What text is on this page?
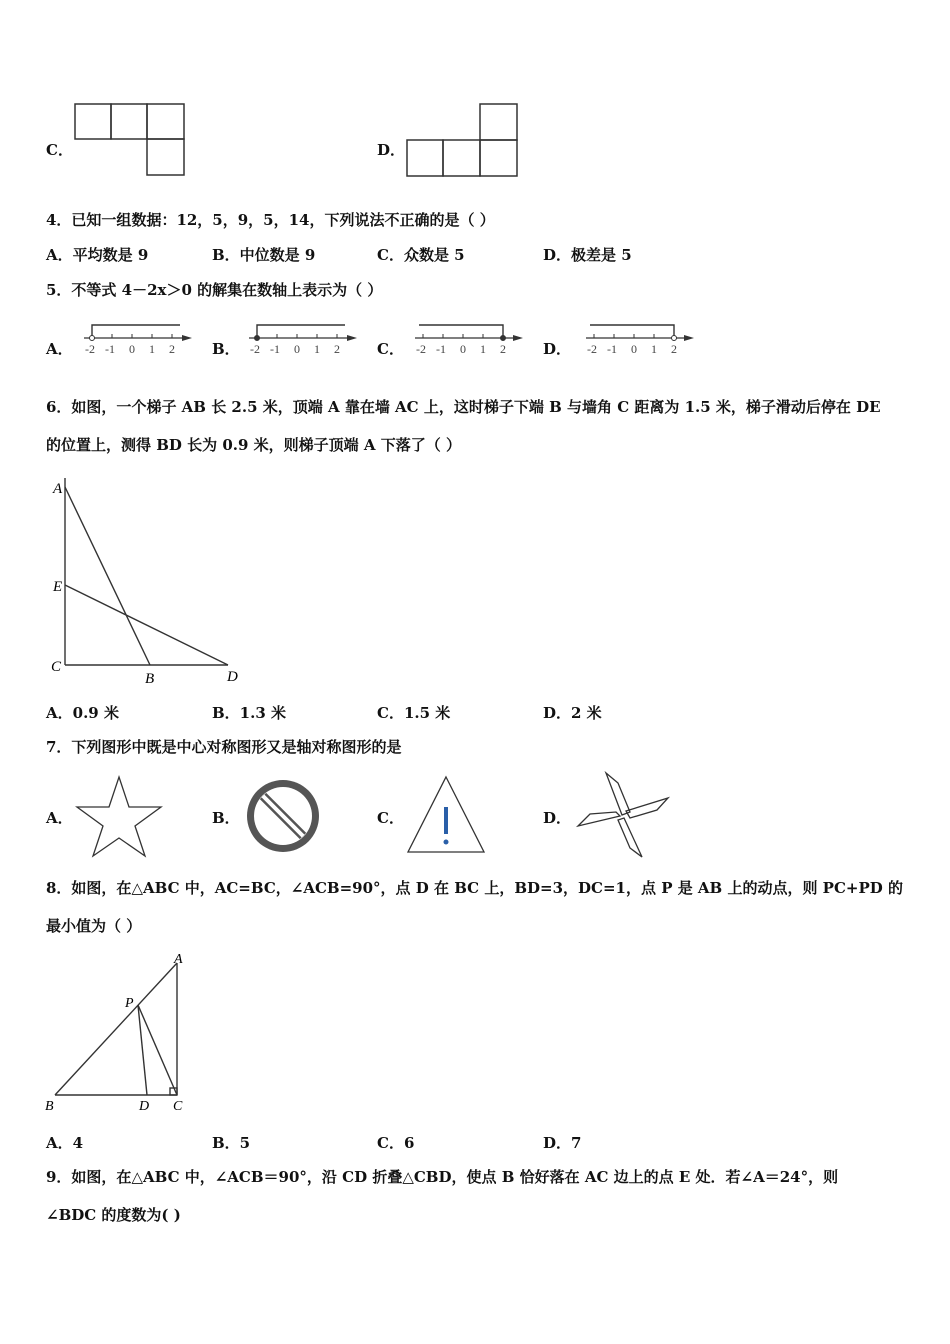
C．	D．
4．已知一组数据：12，5，9，5，14，下列说法不正确的是（ ）
A．平均数是 9	B．中位数是 9	C．众数是 5	D．极差是 5
5．不等式 4－2x＞0 的解集在数轴上表示为（ ）
A．	B．	C．	D．
6．如图，一个梯子 AB 长 2.5 米，顶端 A 靠在墙 AC 上，这时梯子下端 B 与墙角 C 距离为 1.5 米，梯子滑动后停在 DE
的位置上，测得 BD 长为 0.9 米，则梯子顶端 A 下落了（ ）
A
E
C
B	D
A．0.9 米	B．1.3 米	C．1.5 米	D．2 米
7．下列图形中既是中心对称图形又是轴对称图形的是
A．	B．	C．	D．
8．如图，在△ABC 中，AC=BC，∠ACB=90°，点 D 在 BC 上，BD=3，DC=1，点 P 是 AB 上的动点，则 PC+PD 的
最小值为（ ）
A
P
B	D C
A．4	B．5	C．6	D．7
9．如图，在△ABC 中，∠ACB＝90°，沿 CD 折叠△CBD，使点 B 恰好落在 AC 边上的点 E 处．若∠A＝24°，则
∠BDC 的度数为( )
-2 -1 0 1 2	-2 -1 0 1 2	-2 -1 0 1 2	-2 -1 0 1 2
